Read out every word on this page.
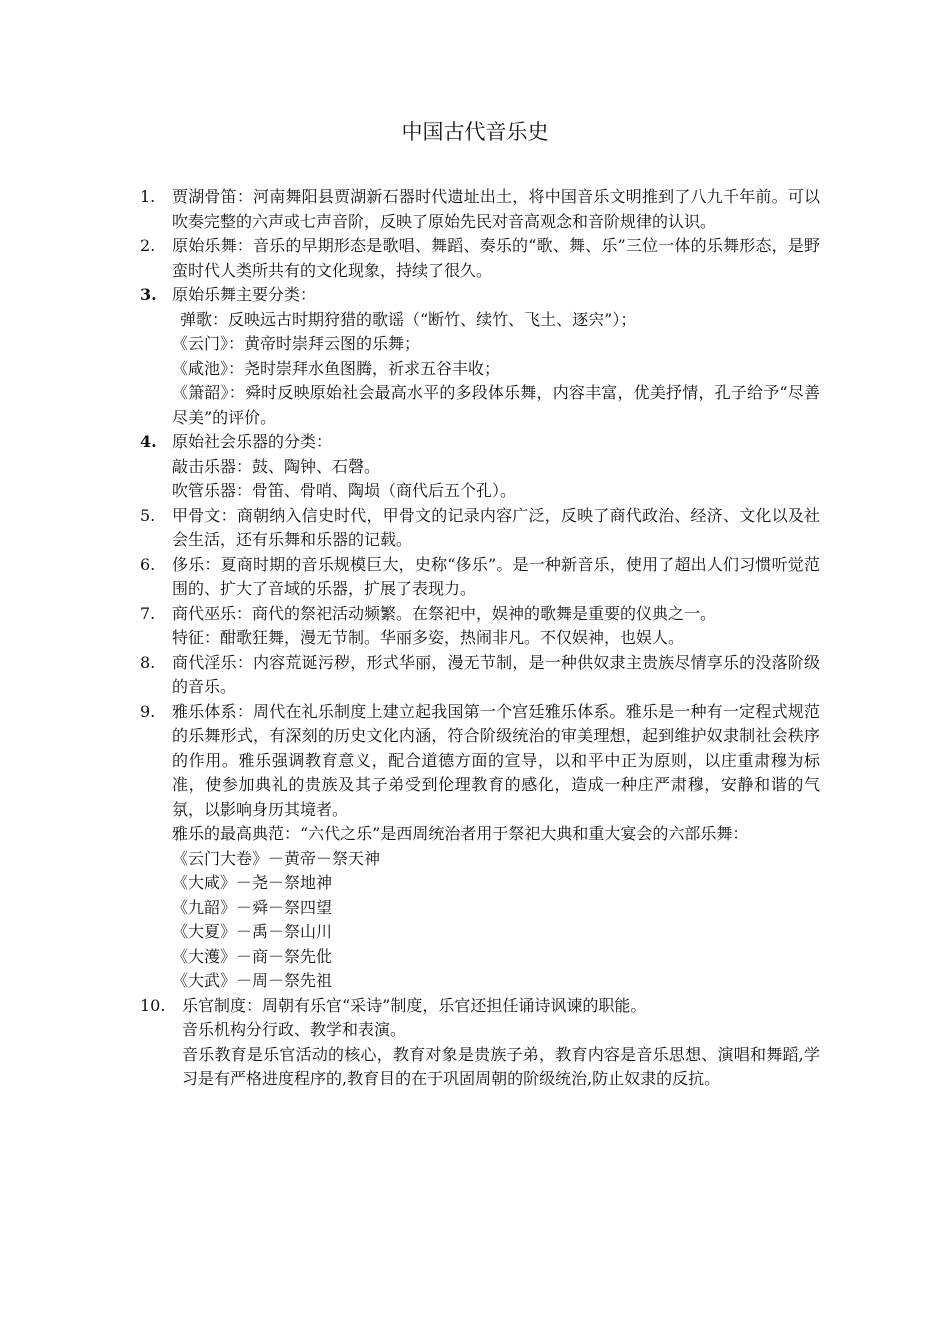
中国古代音乐史
1.	贾湖骨笛：河南舞阳县贾湖新石器时代遗址出土，将中国音乐文明推到了八九千年前。可以吹奏完整的六声或七声音阶，反映了原始先民对音高观念和音阶规律的认识。
2.	原始乐舞：音乐的早期形态是歌唱、舞蹈、奏乐的“歌、舞、乐”三位一体的乐舞形态，是野蛮时代人类所共有的文化现象，持续了很久。
3. 原始乐舞主要分类：
弹歌：反映远古时期狩猎的歌谣（“断竹、续竹、飞土、逐宍”）；
《云门》：黄帝时崇拜云图的乐舞；
《咸池》：尧时崇拜水鱼图腾，祈求五谷丰收；
《箫韶》：舜时反映原始社会最高水平的多段体乐舞，内容丰富，优美抒情，孔子给予“尽善尽美”的评价。
4. 原始社会乐器的分类：
敲击乐器：鼓、陶钟、石磬。
吹管乐器：骨笛、骨哨、陶埙（商代后五个孔）。
5.	甲骨文：商朝纳入信史时代，甲骨文的记录内容广泛，反映了商代政治、经济、文化以及社会生活，还有乐舞和乐器的记载。
6.	侈乐：夏商时期的音乐规模巨大，史称“侈乐”。是一种新音乐，使用了超出人们习惯听觉范围的、扩大了音域的乐器，扩展了表现力。
7.	商代巫乐：商代的祭祀活动频繁。在祭祀中，娱神的歌舞是重要的仪典之一。
特征：酣歌狂舞，漫无节制。华丽多姿，热闹非凡。不仅娱神，也娱人。
8.	商代淫乐：内容荒诞污秽，形式华丽，漫无节制，是一种供奴隶主贵族尽情享乐的没落阶级的音乐。
9.	雅乐体系：周代在礼乐制度上建立起我国第一个宫廷雅乐体系。雅乐是一种有一定程式规范的乐舞形式，有深刻的历史文化内涵，符合阶级统治的审美理想，起到维护奴隶制社会秩序的作用。雅乐强调教育意义，配合道德方面的宣导，以和平中正为原则，以庄重肃穆为标准，使参加典礼的贵族及其子弟受到伦理教育的感化，造成一种庄严肃穆，安静和谐的气氛，以影响身历其境者。
雅乐的最高典范：“六代之乐”是西周统治者用于祭祀大典和重大宴会的六部乐舞：
《云门大卷》－黄帝－祭天神
《大咸》－尧－祭地神
《九韶》－舜－祭四望
《大夏》－禹－祭山川
《大濩》－商－祭先仳
《大武》－周－祭先祖
10.	乐官制度：周朝有乐官“采诗”制度，乐官还担任诵诗讽谏的职能。
音乐机构分行政、教学和表演。
音乐教育是乐官活动的核心，教育对象是贵族子弟，教育内容是音乐思想、演唱和舞蹈,学习是有严格进度程序的,教育目的在于巩固周朝的阶级统治,防止奴隶的反抗。
